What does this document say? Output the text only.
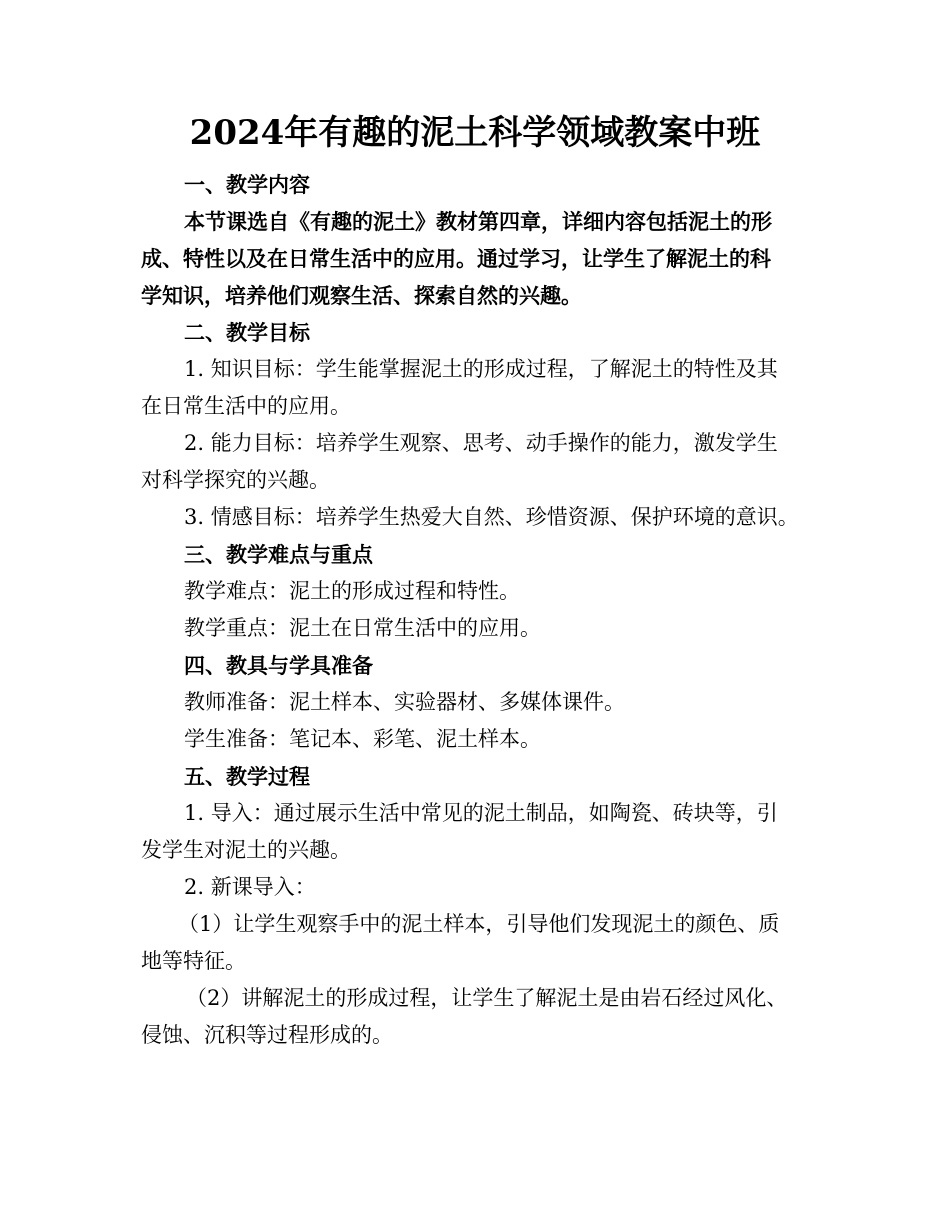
2024年有趣的泥土科学领域教案中班
一、教学内容
本节课选自《有趣的泥土》教材第四章，详细内容包括泥土的形
成、特性以及在日常生活中的应用。通过学习，让学生了解泥土的科
学知识，培养他们观察生活、探索自然的兴趣。
二、教学目标
1. 知识目标：学生能掌握泥土的形成过程，了解泥土的特性及其
在日常生活中的应用。
2. 能力目标：培养学生观察、思考、动手操作的能力，激发学生
对科学探究的兴趣。
3. 情感目标：培养学生热爱大自然、珍惜资源、保护环境的意识。
三、教学难点与重点
教学难点：泥土的形成过程和特性。
教学重点：泥土在日常生活中的应用。
四、教具与学具准备
教师准备：泥土样本、实验器材、多媒体课件。
学生准备：笔记本、彩笔、泥土样本。
五、教学过程
1. 导入：通过展示生活中常见的泥土制品，如陶瓷、砖块等，引
发学生对泥土的兴趣。
2. 新课导入：
（1）让学生观察手中的泥土样本，引导他们发现泥土的颜色、质
地等特征。
（2）讲解泥土的形成过程，让学生了解泥土是由岩石经过风化、
侵蚀、沉积等过程形成的。
